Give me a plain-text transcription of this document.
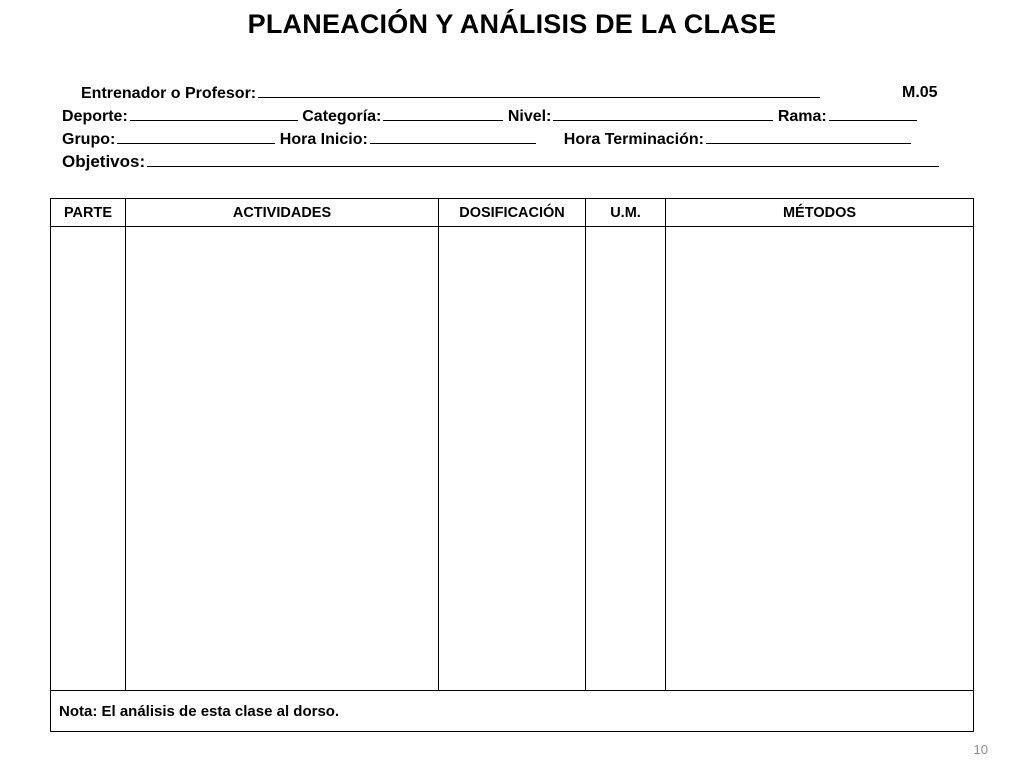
PLANEACIÓN Y ANÁLISIS DE LA CLASE
Entrenador o Profesor:	M.05
Deporte:	Categoría:	Nivel:	Rama:
Grupo:	Hora Inicio:	Hora Terminación:
Objetivos:
PARTE	ACTIVIDADES	DOSIFICACIÓN	U.M.	MÉTODOS

Nota: El análisis de esta clase al dorso.				
10
